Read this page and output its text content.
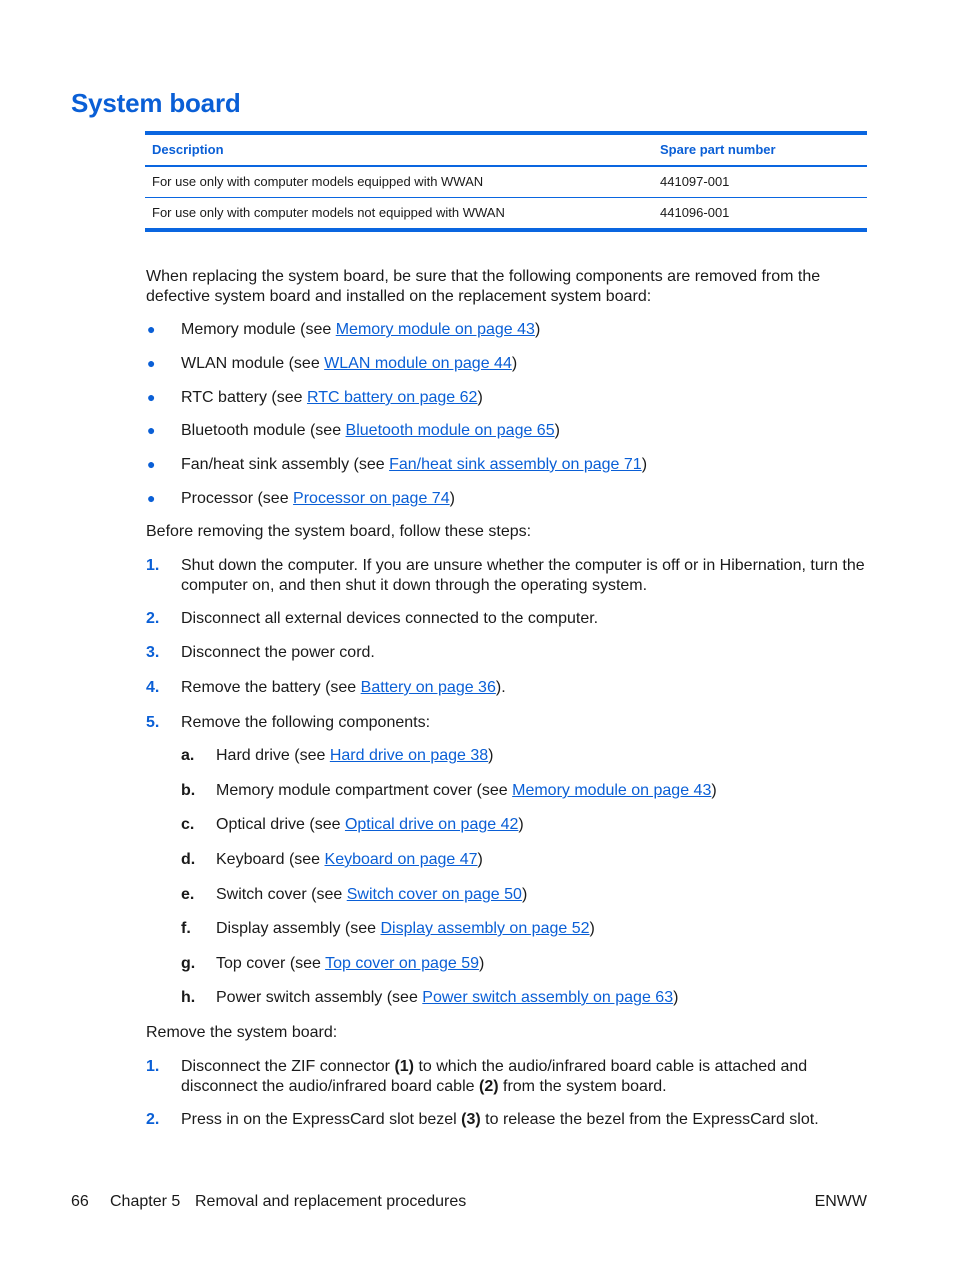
System board
Description	Spare part number
For use only with computer models equipped with WWAN	441097-001
For use only with computer models not equipped with WWAN	441096-001

When replacing the system board, be sure that the following components are removed from the defective system board and installed on the replacement system board:

● Memory module (see Memory module on page 43)
● WLAN module (see WLAN module on page 44)
● RTC battery (see RTC battery on page 62)
● Bluetooth module (see Bluetooth module on page 65)
● Fan/heat sink assembly (see Fan/heat sink assembly on page 71)
● Processor (see Processor on page 74)

Before removing the system board, follow these steps:

1. Shut down the computer. If you are unsure whether the computer is off or in Hibernation, turn the computer on, and then shut it down through the operating system.
2. Disconnect all external devices connected to the computer.
3. Disconnect the power cord.
4. Remove the battery (see Battery on page 36).
5. Remove the following components:
a. Hard drive (see Hard drive on page 38)
b. Memory module compartment cover (see Memory module on page 43)
c. Optical drive (see Optical drive on page 42)
d. Keyboard (see Keyboard on page 47)
e. Switch cover (see Switch cover on page 50)
f. Display assembly (see Display assembly on page 52)
g. Top cover (see Top cover on page 59)
h. Power switch assembly (see Power switch assembly on page 63)

Remove the system board:

1. Disconnect the ZIF connector (1) to which the audio/infrared board cable is attached and disconnect the audio/infrared board cable (2) from the system board.
2. Press in on the ExpressCard slot bezel (3) to release the bezel from the ExpressCard slot.
66 Chapter 5 Removal and replacement procedures	ENWW
